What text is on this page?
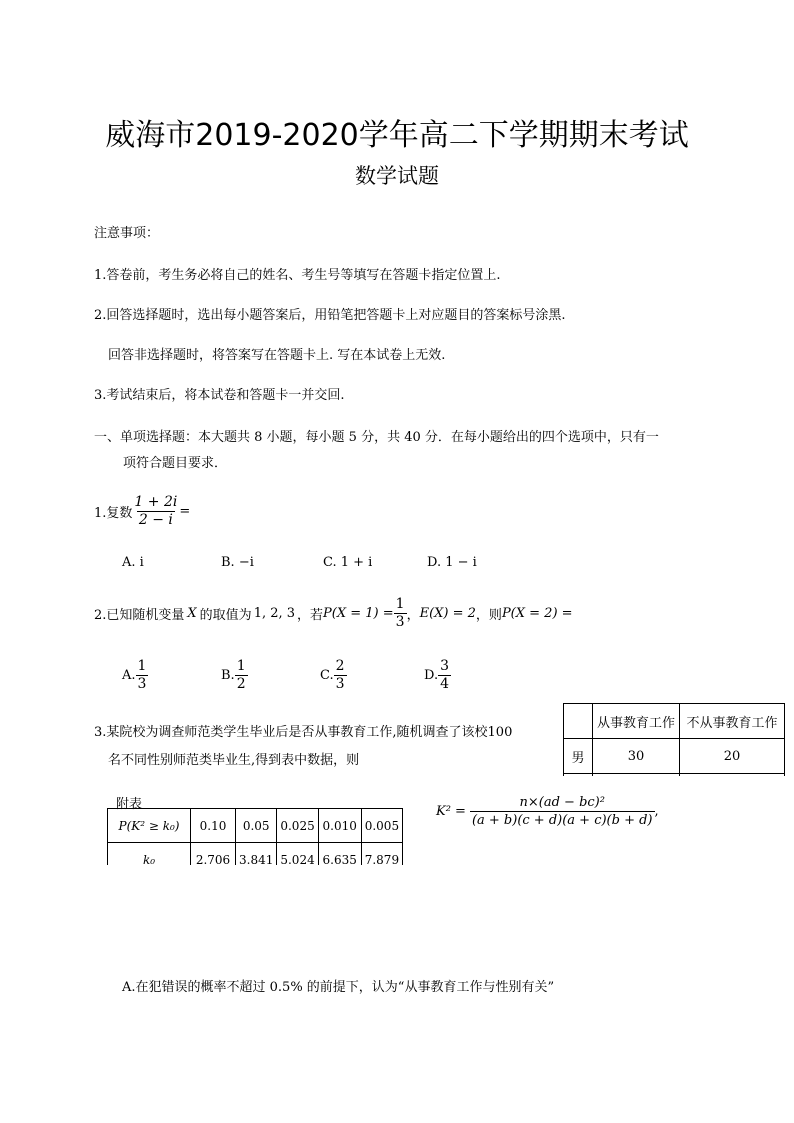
威海市2019-2020学年高二下学期期末考试
数学试题
注意事项：
1.答卷前，考生务必将自己的姓名、考生号等填写在答题卡指定位置上.
2.回答选择题时，选出每小题答案后，用铅笔把答题卡上对应题目的答案标号涂黑.
回答非选择题时，将答案写在答题卡上. 写在本试卷上无效.
3.考试结束后，将本试卷和答题卡一并交回.
一、单项选择题：本大题共 8 小题，每小题 5 分，共 40 分．在每小题给出的四个选项中，只有一
项符合题目要求．
1.复数 $\frac{1 + 2i}{2 - i}$ =
A. i	B. −i	C. 1 + i	D. 1 − i
2.已知随机变量 X 的取值为 1, 2, 3 ，若 $P(X = 1) = \frac{1}{3}$ ， E(X) = 2 ，则 P(X = 2) =
A. $\frac{1}{3}$	B. $\frac{1}{2}$	C. $\frac{2}{3}$	D. $\frac{3}{4}$
3.某院校为调查师范类学生毕业后是否从事教育工作,随机调查了该校100
名不同性别师范类毕业生,得到表中数据，则
	从事教育工作	不从事教育工作
男	30	20

附表
P(K² ≥ k₀)	0.10	0.05	0.025	0.010	0.005
k₀	2.706	3.841	5.024	6.635	7.879
$K^2 = \frac{\text{n×(ad − bc)²}}{(a + b)(c + d)(a + c)(b + d)}$ ,
A.在犯错误的概率不超过 0.5% 的前提下，认为“从事教育工作与性别有关”
